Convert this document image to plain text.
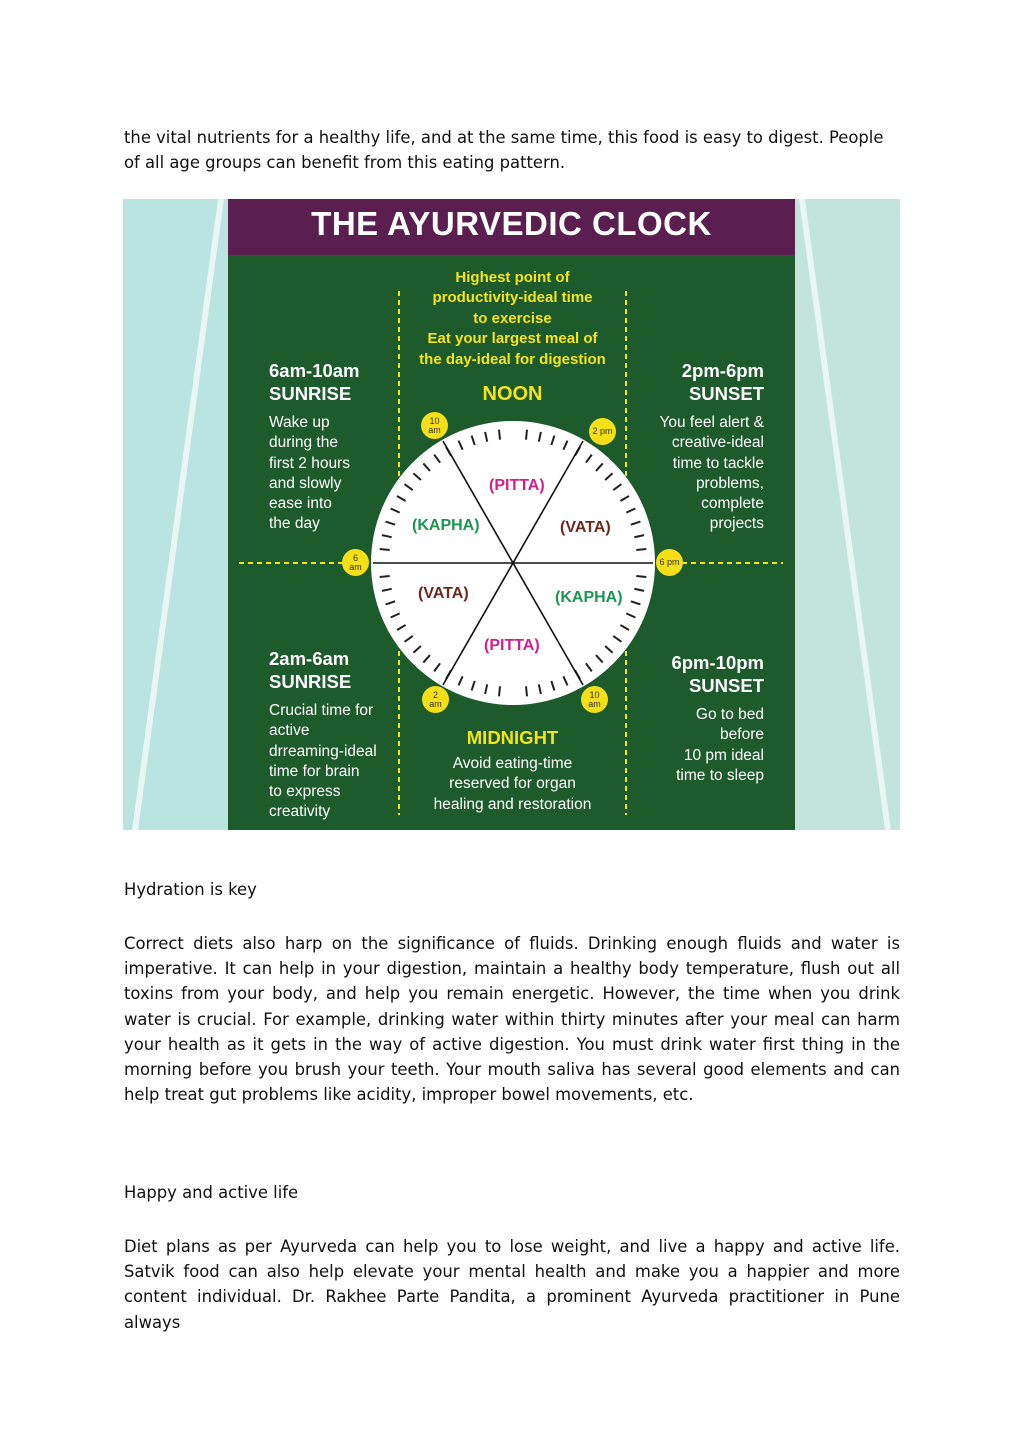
the vital nutrients for a healthy life, and at the same time, this food is easy to digest. People

of all age groups can benefit from this eating pattern.

THE AYURVEDIC CLOCK
Highest point of
productivity-ideal time
to exercise
Eat your largest meal of
the day-ideal for digestion
NOON
6am-10am
SUNRISE
Wake up
during the
first 2 hours
and slowly
ease into
the day
2pm-6pm
SUNSET
You feel alert &
creative-ideal
time to tackle
problems,
complete
projects
2am-6am
SUNRISE
Crucial time for
active
drreaming-ideal
time for brain
to express
creativity
6pm-10pm
SUNSET
Go to bed
before
10 pm ideal
time to sleep
MIDNIGHT
Avoid eating-time
reserved for organ
healing and restoration
(PITTA)
(KAPHA)	(VATA)
(VATA)	(KAPHA)
(PITTA)
10
am	2 pm
6
am	6 pm
2
am
10
am
Hydration is key

Correct diets also harp on the significance of fluids. Drinking enough fluids and water is imperative. It can help in your digestion, maintain a healthy body temperature, flush out all toxins from your body, and help you remain energetic. However, the time when you drink water is crucial. For example, drinking water within thirty minutes after your meal can harm your health as it gets in the way of active digestion. You must drink water first thing in the morning before you brush your teeth. Your mouth saliva has several good elements and can help treat gut problems like acidity, improper bowel movements, etc.

Happy and active life

Diet plans as per Ayurveda can help you to lose weight, and live a happy and active life. Satvik food can also help elevate your mental health and make you a happier and more content individual. Dr. Rakhee Parte Pandita, a prominent Ayurveda practitioner in Pune always
